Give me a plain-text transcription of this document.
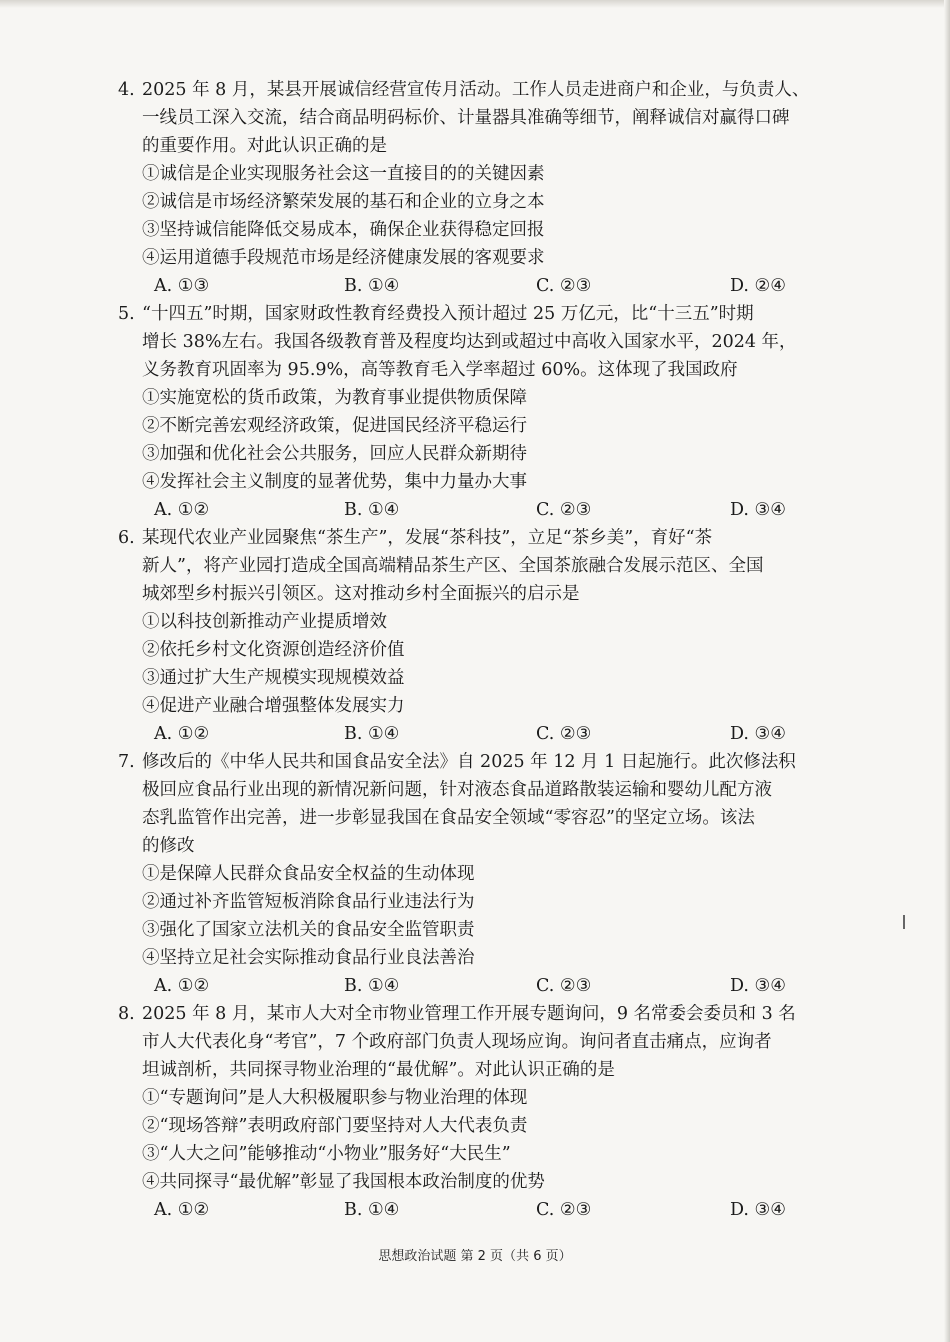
4. 2025 年 8 月，某县开展诚信经营宣传月活动。工作人员走进商户和企业，与负责人、
一线员工深入交流，结合商品明码标价、计量器具准确等细节，阐释诚信对赢得口碑
的重要作用。对此认识正确的是
①诚信是企业实现服务社会这一直接目的的关键因素
②诚信是市场经济繁荣发展的基石和企业的立身之本
③坚持诚信能降低交易成本，确保企业获得稳定回报
④运用道德手段规范市场是经济健康发展的客观要求
A. ①③	B. ①④	C. ②③	D. ②④
5. “十四五”时期，国家财政性教育经费投入预计超过 25 万亿元，比“十三五”时期
增长 38%左右。我国各级教育普及程度均达到或超过中高收入国家水平，2024 年，
义务教育巩固率为 95.9%，高等教育毛入学率超过 60%。这体现了我国政府
①实施宽松的货币政策，为教育事业提供物质保障
②不断完善宏观经济政策，促进国民经济平稳运行
③加强和优化社会公共服务，回应人民群众新期待
④发挥社会主义制度的显著优势，集中力量办大事
A. ①②	B. ①④	C. ②③	D. ③④
6. 某现代农业产业园聚焦“茶生产”，发展“茶科技”，立足“茶乡美”，育好“茶
新人”，将产业园打造成全国高端精品茶生产区、全国茶旅融合发展示范区、全国
城郊型乡村振兴引领区。这对推动乡村全面振兴的启示是
①以科技创新推动产业提质增效
②依托乡村文化资源创造经济价值
③通过扩大生产规模实现规模效益
④促进产业融合增强整体发展实力
A. ①②	B. ①④	C. ②③	D. ③④
7. 修改后的《中华人民共和国食品安全法》自 2025 年 12 月 1 日起施行。此次修法积
极回应食品行业出现的新情况新问题，针对液态食品道路散装运输和婴幼儿配方液
态乳监管作出完善，进一步彰显我国在食品安全领域“零容忍”的坚定立场。该法
的修改
①是保障人民群众食品安全权益的生动体现
②通过补齐监管短板消除食品行业违法行为
③强化了国家立法机关的食品安全监管职责
④坚持立足社会实际推动食品行业良法善治
A. ①②	B. ①④	C. ②③	D. ③④
8. 2025 年 8 月，某市人大对全市物业管理工作开展专题询问，9 名常委会委员和 3 名
市人大代表化身“考官”，7 个政府部门负责人现场应询。询问者直击痛点，应询者
坦诚剖析，共同探寻物业治理的“最优解”。对此认识正确的是
①“专题询问”是人大积极履职参与物业治理的体现
②“现场答辩”表明政府部门要坚持对人大代表负责
③“人大之问”能够推动“小物业”服务好“大民生”
④共同探寻“最优解”彰显了我国根本政治制度的优势
A. ①②	B. ①④	C. ②③	D. ③④
思想政治试题 第 2 页（共 6 页）
